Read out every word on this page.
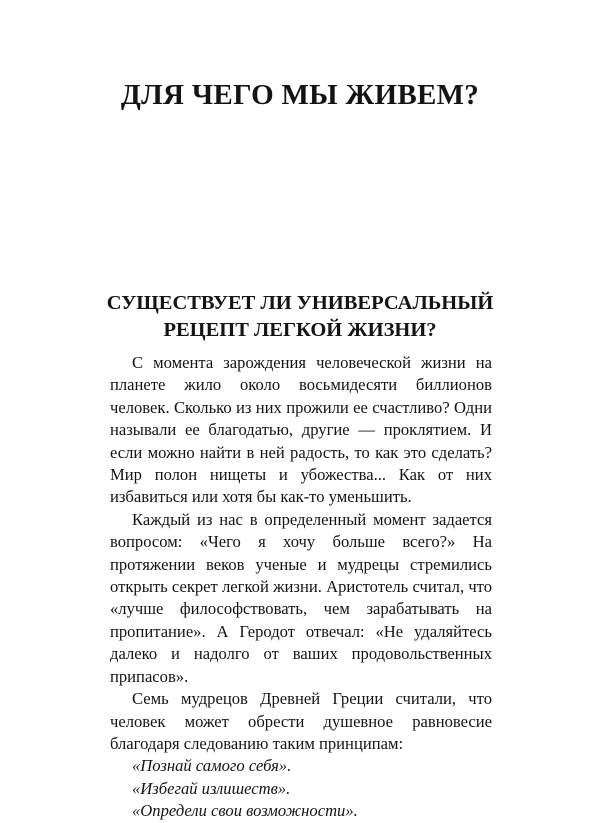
ДЛЯ ЧЕГО МЫ ЖИВЕМ?
СУЩЕСТВУЕТ ЛИ УНИВЕРСАЛЬНЫЙ
РЕЦЕПТ ЛЕГКОЙ ЖИЗНИ?

С момента зарождения человеческой жизни на планете жило около восьмидесяти биллионов человек. Сколько из них прожили ее счастливо? Одни называли ее благодатью, другие — проклятием. И если можно найти в ней радость, то как это сделать? Мир полон нищеты и убожества... Как от них избавиться или хотя бы как-то уменьшить.

Каждый из нас в определенный момент задается вопросом: «Чего я хочу больше всего?» На протяжении веков ученые и мудрецы стремились открыть секрет легкой жизни. Аристотель считал, что «лучше философствовать, чем зарабатывать на пропитание». А Геродот отвечал: «Не удаляйтесь далеко и надолго от ваших продовольственных припасов».

Семь мудрецов Древней Греции считали, что человек может обрести душевное равновесие благодаря следованию таким принципам:

«Познай самого себя».

«Избегай излишеств».

«Определи свои возможности».
